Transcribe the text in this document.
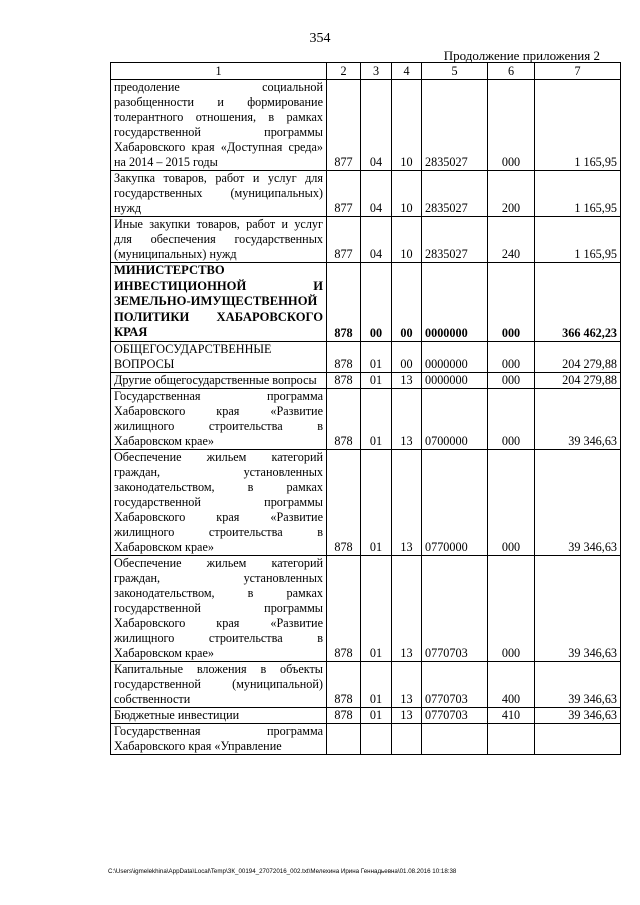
354
Продолжение приложения 2
1	2	3	4	5	6	7
преодоление социальной разобщенности и формирование толерантного отношения, в рамках государственной программы Хабаровского края «Доступная среда» на 2014 – 2015 годы	877	04	10	2835027	000	1 165,95
Закупка товаров, работ и услуг для государственных (муниципальных) нужд	877	04	10	2835027	200	1 165,95
Иные закупки товаров, работ и услуг для обеспечения государственных (муниципальных) нужд	877	04	10	2835027	240	1 165,95
МИНИСТЕРСТВО ИНВЕСТИЦИОННОЙ И ЗЕМЕЛЬНО-ИМУЩЕСТВЕННОЙ ПОЛИТИКИ ХАБАРОВСКОГО КРАЯ	878	00	00	0000000	000	366 462,23
ОБЩЕГОСУДАРСТВЕННЫЕ ВОПРОСЫ	878	01	00	0000000	000	204 279,88
Другие общегосударственные вопросы	878	01	13	0000000	000	204 279,88
Государственная программа Хабаровского края «Развитие жилищного строительства в Хабаровском крае»	878	01	13	0700000	000	39 346,63
Обеспечение жильем категорий граждан, установленных законодательством, в рамках государственной программы Хабаровского края «Развитие жилищного строительства в Хабаровском крае»	878	01	13	0770000	000	39 346,63
Обеспечение жильем категорий граждан, установленных законодательством, в рамках государственной программы Хабаровского края «Развитие жилищного строительства в Хабаровском крае»	878	01	13	0770703	000	39 346,63
Капитальные вложения в объекты государственной (муниципальной) собственности	878	01	13	0770703	400	39 346,63
Бюджетные инвестиции	878	01	13	0770703	410	39 346,63
Государственная программа Хабаровского края «Управление						
C:\Users\igmelekhina\AppData\Local\Temp\ЗК_00194_27072016_002.txt\Мелехина Ирина Геннадьевна\01.08.2016 10:18:38
